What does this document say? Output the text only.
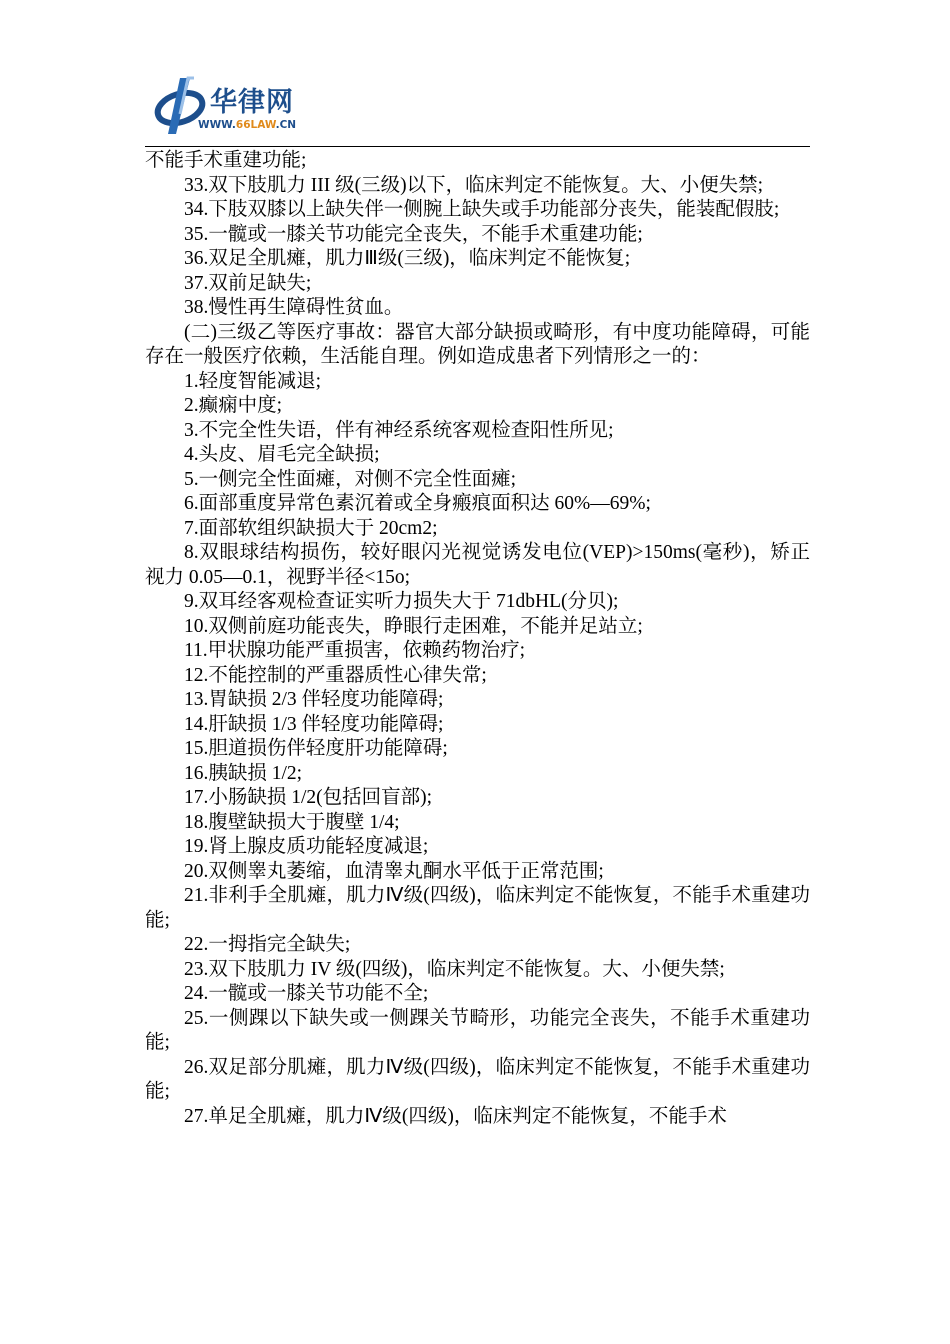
华律网
WWW.66LAW.CN

不能手术重建功能;

33.双下肢肌力 III 级(三级)以下，临床判定不能恢复。大、小便失禁;

34.下肢双膝以上缺失伴一侧腕上缺失或手功能部分丧失，能装配假肢;

35.一髋或一膝关节功能完全丧失，不能手术重建功能;

36.双足全肌瘫，肌力Ⅲ级(三级)，临床判定不能恢复;

37.双前足缺失;

38.慢性再生障碍性贫血。

(二)三级乙等医疗事故：器官大部分缺损或畸形，有中度功能障碍，可能存在一般医疗依赖，生活能自理。例如造成患者下列情形之一的：

1.轻度智能减退;

2.癫痫中度;

3.不完全性失语，伴有神经系统客观检查阳性所见;

4.头皮、眉毛完全缺损;

5.一侧完全性面瘫，对侧不完全性面瘫;

6.面部重度异常色素沉着或全身瘢痕面积达 60%—69%;

7.面部软组织缺损大于 20cm2;

8.双眼球结构损伤，较好眼闪光视觉诱发电位(VEP)>150ms(毫秒)，矫正视力 0.05—0.1，视野半径<15o;

9.双耳经客观检查证实听力损失大于 71dbHL(分贝);

10.双侧前庭功能丧失，睁眼行走困难，不能并足站立;

11.甲状腺功能严重损害，依赖药物治疗;

12.不能控制的严重器质性心律失常;

13.胃缺损 2/3 伴轻度功能障碍;

14.肝缺损 1/3 伴轻度功能障碍;

15.胆道损伤伴轻度肝功能障碍;

16.胰缺损 1/2;

17.小肠缺损 1/2(包括回盲部);

18.腹壁缺损大于腹壁 1/4;

19.肾上腺皮质功能轻度减退;

20.双侧睾丸萎缩，血清睾丸酮水平低于正常范围;

21.非利手全肌瘫，肌力Ⅳ级(四级)，临床判定不能恢复，不能手术重建功能;

22.一拇指完全缺失;

23.双下肢肌力 IV 级(四级)，临床判定不能恢复。大、小便失禁;

24.一髋或一膝关节功能不全;

25.一侧踝以下缺失或一侧踝关节畸形，功能完全丧失，不能手术重建功能;

26.双足部分肌瘫，肌力Ⅳ级(四级)，临床判定不能恢复，不能手术重建功能;

27.单足全肌瘫，肌力Ⅳ级(四级)，临床判定不能恢复，不能手术
